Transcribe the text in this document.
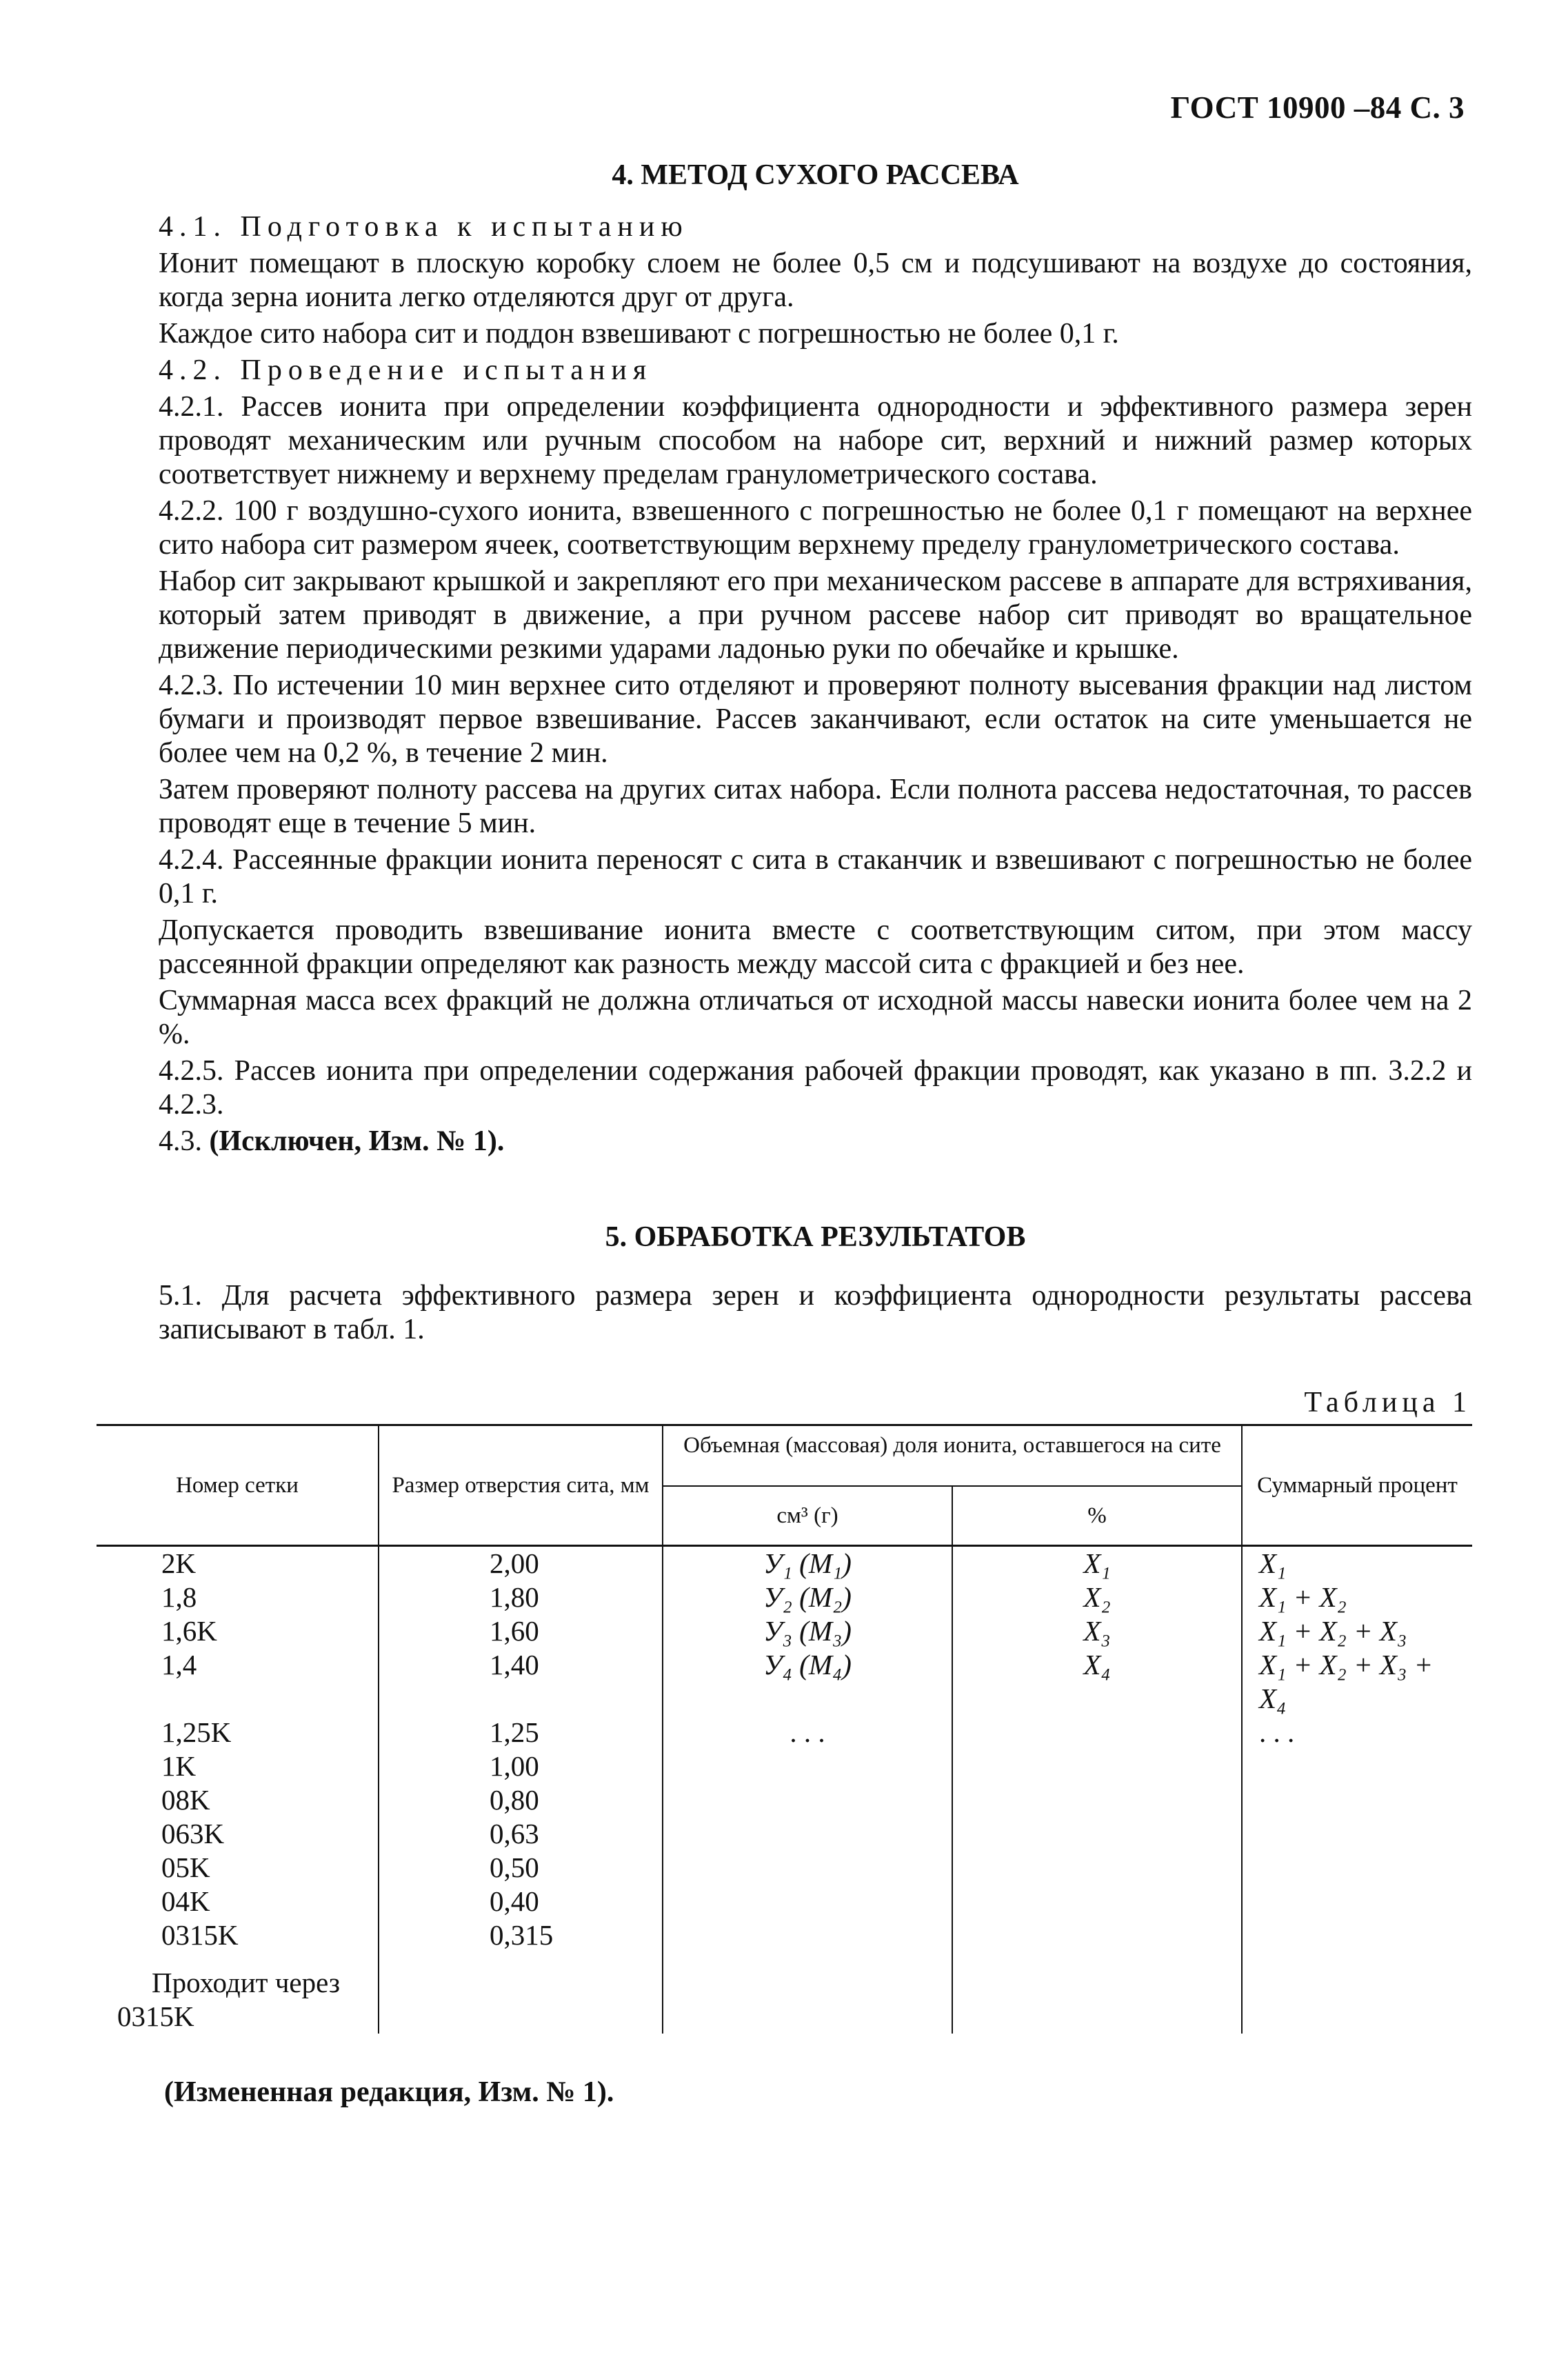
ГОСТ 10900 –84 С. 3
4. МЕТОД СУХОГО РАССЕВА

4.1. Подготовка к испытанию

Ионит помещают в плоскую коробку слоем не более 0,5 см и подсушивают на воздухе до состояния, когда зерна ионита легко отделяются друг от друга.

Каждое сито набора сит и поддон взвешивают с погрешностью не более 0,1 г.

4.2. Проведение испытания

4.2.1. Рассев ионита при определении коэффициента однородности и эффективного размера зерен проводят механическим или ручным способом на наборе сит, верхний и нижний размер которых соответствует нижнему и верхнему пределам гранулометрического состава.

4.2.2. 100 г воздушно-сухого ионита, взвешенного с погрешностью не более 0,1 г помещают на верхнее сито набора сит размером ячеек, соответствующим верхнему пределу гранулометрического состава.

Набор сит закрывают крышкой и закрепляют его при механическом рассеве в аппарате для встряхивания, который затем приводят в движение, а при ручном рассеве набор сит приводят во вращательное движение периодическими резкими ударами ладонью руки по обечайке и крышке.

4.2.3. По истечении 10 мин верхнее сито отделяют и проверяют полноту высевания фракции над листом бумаги и производят первое взвешивание. Рассев заканчивают, если остаток на сите уменьшается не более чем на 0,2 %, в течение 2 мин.

Затем проверяют полноту рассева на других ситах набора. Если полнота рассева недостаточная, то рассев проводят еще в течение 5 мин.

4.2.4. Рассеянные фракции ионита переносят с сита в стаканчик и взвешивают с погрешностью не более 0,1 г.

Допускается проводить взвешивание ионита вместе с соответствующим ситом, при этом массу рассеянной фракции определяют как разность между массой сита с фракцией и без нее.

Суммарная масса всех фракций не должна отличаться от исходной массы навески ионита более чем на 2 %.

4.2.5. Рассев ионита при определении содержания рабочей фракции проводят, как указано в пп. 3.2.2 и 4.2.3.

4.3. (Исключен, Изм. № 1).

5. ОБРАБОТКА РЕЗУЛЬТАТОВ

5.1. Для расчета эффективного размера зерен и коэффициента однородности результаты рассева записывают в табл. 1.

Таблица 1
Номер сетки	Размер отверстия сита, мм	Объемная (массовая) доля ионита, оставшегося на сите		Суммарный процент
		см³ (г)	%	
2K	2,00	У₁ (M₁)	X₁	X₁
1,8	1,80	У₂ (M₂)	X₂	X₁ + X₂
1,6K	1,60	У₃ (M₃)	X₃	X₁ + X₂ + X₃
1,4	1,40	У₄ (M₄)	X₄	X₁ + X₂ + X₃ + X₄
1,25K	1,25	. . .		. . .
1K	1,00			
08K	0,80			
063K	0,63			
05K	0,50			
04K	0,40			
0315K	0,315			

Проходит через
0315K				

(Измененная редакция, Изм. № 1).
